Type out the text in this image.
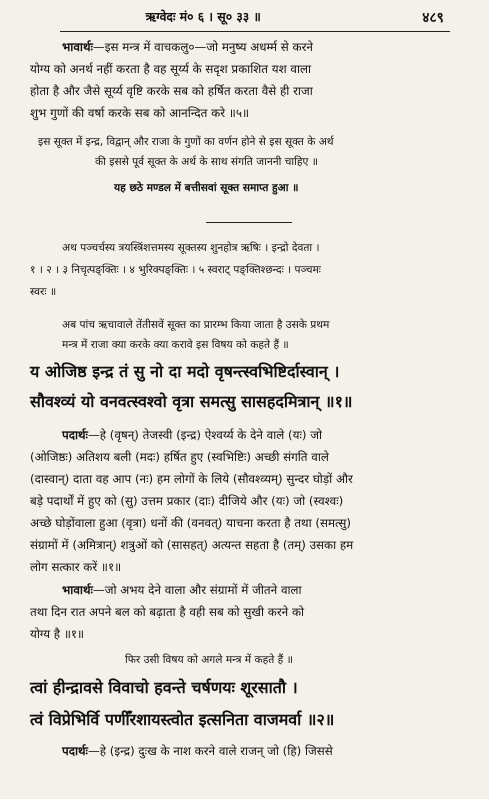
ऋग्वेदः मं० ६ । सू० ३३ ॥	४८९
भावार्थः—इस मन्त्र में वाचकलु०—जो मनुष्य अधर्म्म से करने
योग्य को अनर्थ नहीं करता है वह सूर्य्य के सदृश प्रकाशित यश वाला
होता है और जैसे सूर्य्य वृष्टि करके सब को हर्षित करता वैसे ही राजा
शुभ गुणों की वर्षा करके सब को आनन्दित करे ॥५॥
इस सूक्त में इन्द्र, विद्वान् और राजा के गुणों का वर्णन होने से इस सूक्त के अर्थ
की इससे पूर्व सूक्त के अर्थ के साथ संगति जाननी चाहिए ॥
यह छठे मण्डल में बत्तीसवां सूक्त समाप्त हुआ ॥
अथ पञ्चर्चस्य त्रयस्त्रिंशत्तमस्य सूक्तस्य शुनहोत्र ऋषिः । इन्द्रो देवता ।
१ । २ । ३ निचृत्पङ्क्तिः । ४ भुरिक्पङ्क्तिः । ५ स्वराट् पङ्क्तिश्छन्दः । पञ्चमः
स्वरः ॥
अब पांच ऋचावाले तेंतीसवें सूक्त का प्रारम्भ किया जाता है उसके प्रथम
मन्त्र में राजा क्या करके क्या करावे इस विषय को कहते हैं ॥
य ओजिष्ठ इन्द्र तं सु नो दा मदो वृषन्त्स्वभिष्टिर्दास्वान् ।
सौवश्व्यं यो वनवत्स्वश्वो वृत्रा समत्सु सासहदमित्रान् ॥१॥
पदार्थः—हे (वृषन्) तेजस्वी (इन्द्र) ऐश्वर्य्य के देने वाले (यः) जो
(ओजिष्ठः) अतिशय बली (मदः) हर्षित हुए (स्वभिष्टिः) अच्छी संगति वाले
(दास्वान्) दाता वह आप (नः) हम लोगों के लिये (सौवश्व्यम्) सुन्दर घोड़ों और
बड़े पदार्थों में हुए को (सु) उत्तम प्रकार (दाः) दीजिये और (यः) जो (स्वश्वः)
अच्छे घोड़ोंवाला हुआ (वृत्रा) धनों की (वनवत्) याचना करता है तथा (समत्सु)
संग्रामों में (अमित्रान्) शत्रुओं को (सासहत्) अत्यन्त सहता है (तम्) उसका हम
लोग सत्कार करें ॥१॥
भावार्थः—जो अभय देने वाला और संग्रामों में जीतने वाला
तथा दिन रात अपने बल को बढ़ाता है वही सब को सुखी करने को
योग्य है ॥१॥
फिर उसी विषय को अगले मन्त्र में कहते हैं ॥
त्वां हीन्द्रावसे विवाचो हवन्ते चर्षणयः शूरसातौ ।
त्वं विप्रेभिर्वि पणीँरशायस्त्वोत इत्सनिता वाजमर्वा ॥२॥
पदार्थः—हे (इन्द्र) दुःख के नाश करने वाले राजन् जो (हि) जिससे
